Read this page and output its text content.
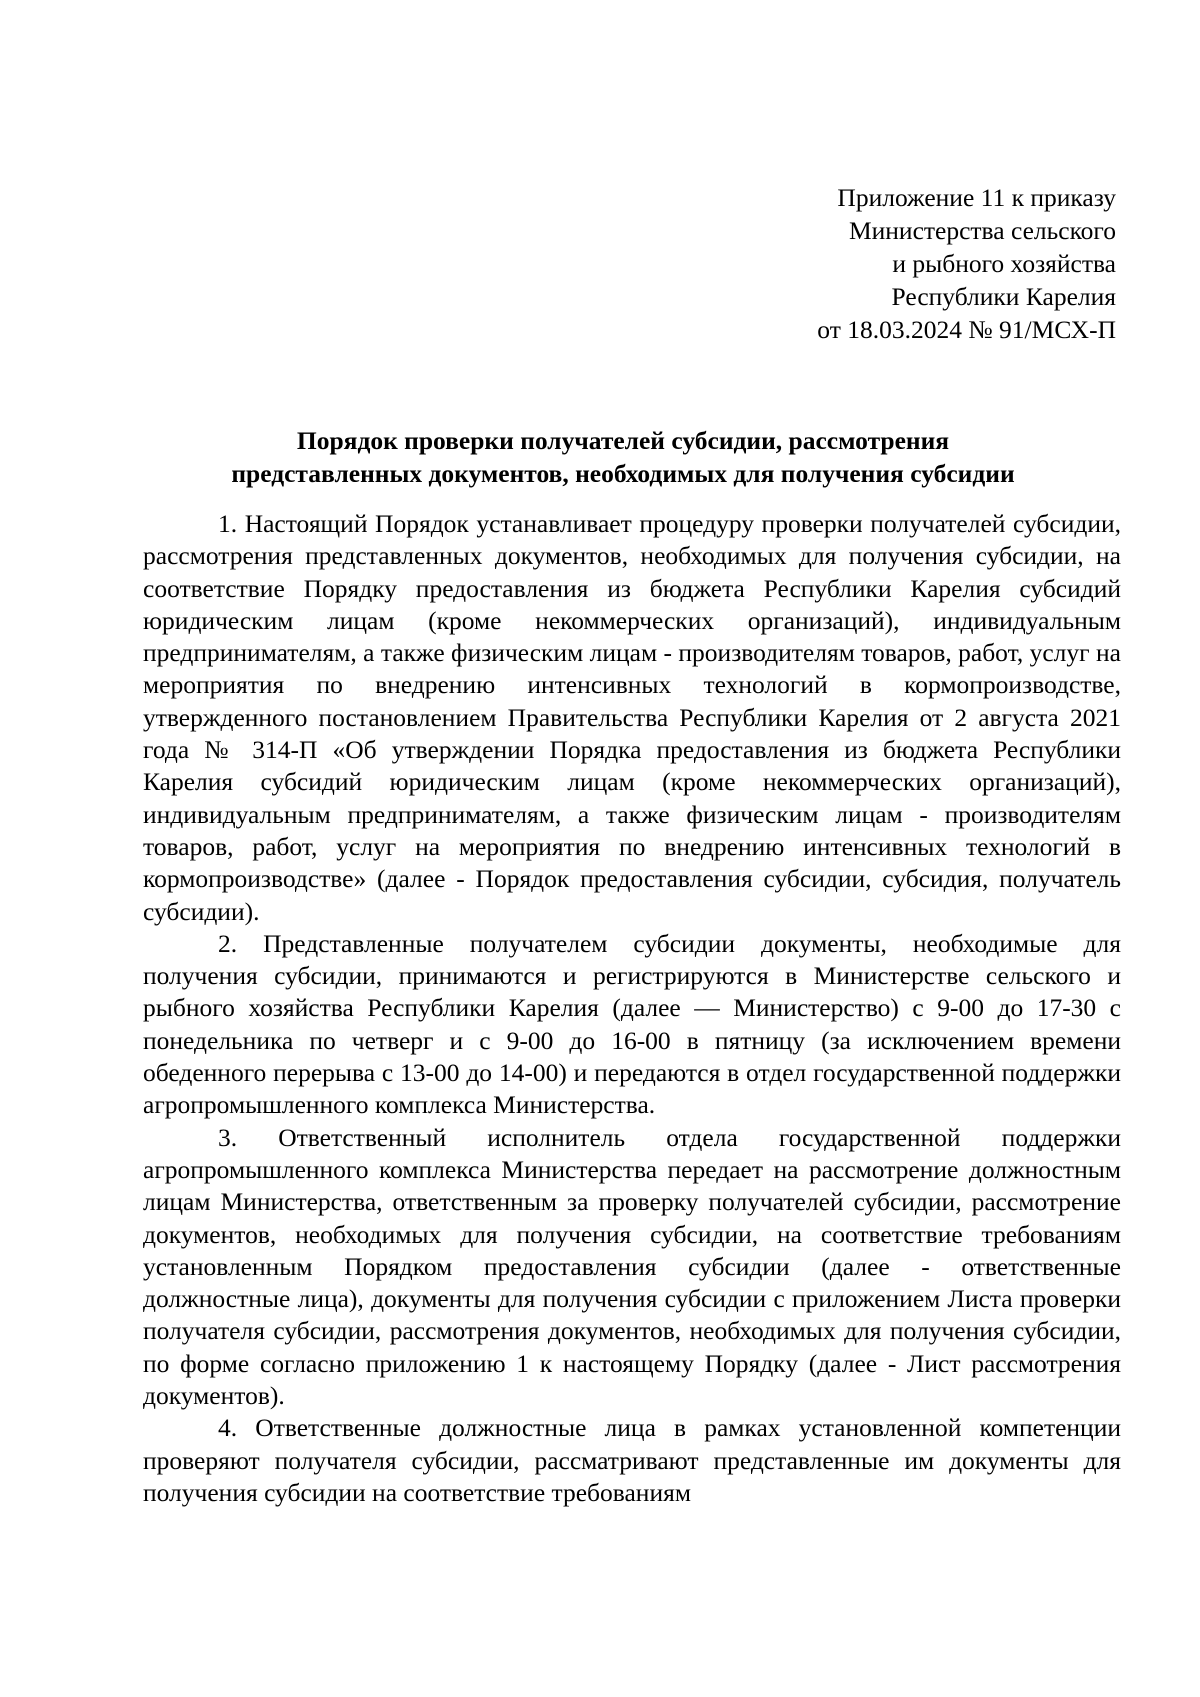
Приложение 11 к приказу
Министерства сельского
и рыбного хозяйства
Республики Карелия
от 18.03.2024 № 91/МСХ-П
Порядок проверки получателей субсидии, рассмотрения
представленных документов, необходимых для получения субсидии

1. Настоящий Порядок устанавливает процедуру проверки получателей субсидии, рассмотрения представленных документов, необходимых для получения субсидии, на соответствие Порядку предоставления из бюджета Республики Карелия субсидий юридическим лицам (кроме некоммерческих организаций), индивидуальным предпринимателям, а также физическим лицам - производителям товаров, работ, услуг на мероприятия по внедрению интенсивных технологий в кормопроизводстве, утвержденного постановлением Правительства Республики Карелия от 2 августа 2021 года № 314-П «Об утверждении Порядка предоставления из бюджета Республики Карелия субсидий юридическим лицам (кроме некоммерческих организаций), индивидуальным предпринимателям, а также физическим лицам - производителям товаров, работ, услуг на мероприятия по внедрению интенсивных технологий в кормопроизводстве» (далее - Порядок предоставления субсидии, субсидия, получатель субсидии).

2. Представленные получателем субсидии документы, необходимые для получения субсидии, принимаются и регистрируются в Министерстве сельского и рыбного хозяйства Республики Карелия (далее — Министерство) с 9-00 до 17-30 с понедельника по четверг и с 9-00 до 16-00 в пятницу (за исключением времени обеденного перерыва с 13-00 до 14-00) и передаются в отдел государственной поддержки агропромышленного комплекса Министерства.

3. Ответственный исполнитель отдела государственной поддержки агропромышленного комплекса Министерства передает на рассмотрение должностным лицам Министерства, ответственным за проверку получателей субсидии, рассмотрение документов, необходимых для получения субсидии, на соответствие требованиям установленным Порядком предоставления субсидии (далее - ответственные должностные лица), документы для получения субсидии с приложением Листа проверки получателя субсидии, рассмотрения документов, необходимых для получения субсидии, по форме согласно приложению 1 к настоящему Порядку (далее - Лист рассмотрения документов).

4. Ответственные должностные лица в рамках установленной компетенции проверяют получателя субсидии, рассматривают представленные им документы для получения субсидии на соответствие требованиям
